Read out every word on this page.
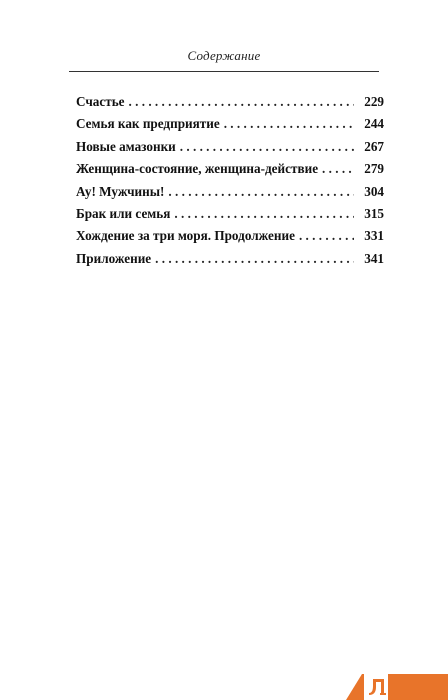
Содержание
Счастье . . .	229
Семья как предприятие . . .	244
Новые амазонки . . .	267
Женщина-состояние, женщина-действие . . .	279
Ау! Мужчины! . . .	304
Брак или семья . . .	315
Хождение за три моря. Продолжение . . .	331
Приложение . . .	341
